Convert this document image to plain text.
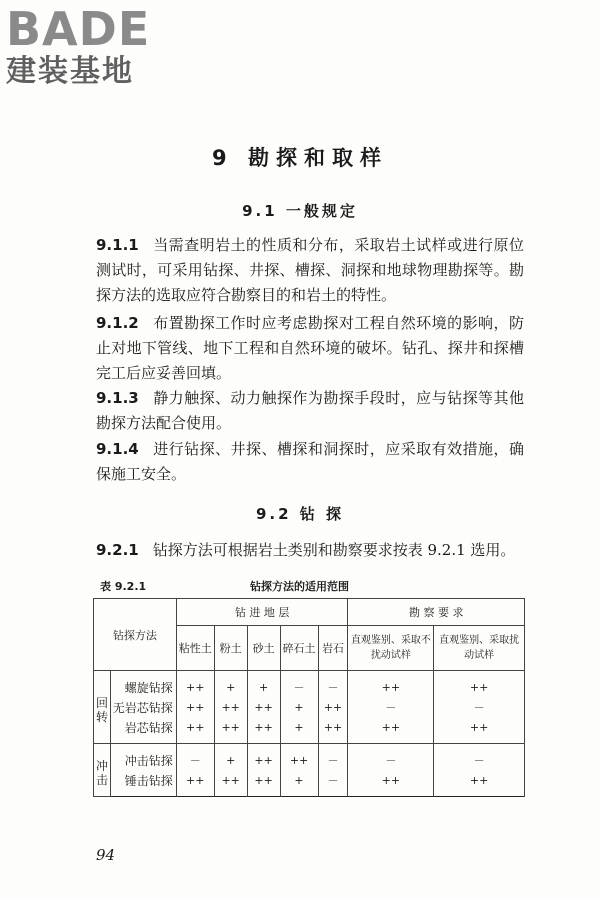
BADE
建装基地
9 勘探和取样
9.1 一般规定
9.1.1 当需查明岩土的性质和分布，采取岩土试样或进行原位测试时，可采用钻探、井探、槽探、洞探和地球物理勘探等。勘探方法的选取应符合勘察目的和岩土的特性。
9.1.2 布置勘探工作时应考虑勘探对工程自然环境的影响，防止对地下管线、地下工程和自然环境的破坏。钻孔、探井和探槽完工后应妥善回填。
9.1.3 静力触探、动力触探作为勘探手段时，应与钻探等其他勘探方法配合使用。
9.1.4 进行钻探、井探、槽探和洞探时，应采取有效措施，确保施工安全。
9.2 钻 探
9.2.1 钻探方法可根据岩土类别和勘察要求按表 9.2.1 选用。
表 9.2.1	钻探方法的适用范围
钻探方法		钻 进 地 层					勘 察 要 求	
		粘性土	粉土	砂土	碎石土	岩石	直观鉴别、采取不扰动试样	直观鉴别、采取扰动试样
回转	螺旋钻探	++	+	+	－	－	++	++
	无岩芯钻探	++	++	++	+	++	－	－
	岩芯钻探	++	++	++	+	++	++	++
冲击	冲击钻探	－	+	++	++	－	－	－
	锤击钻探	++	++	++	+	－	++	++
94
